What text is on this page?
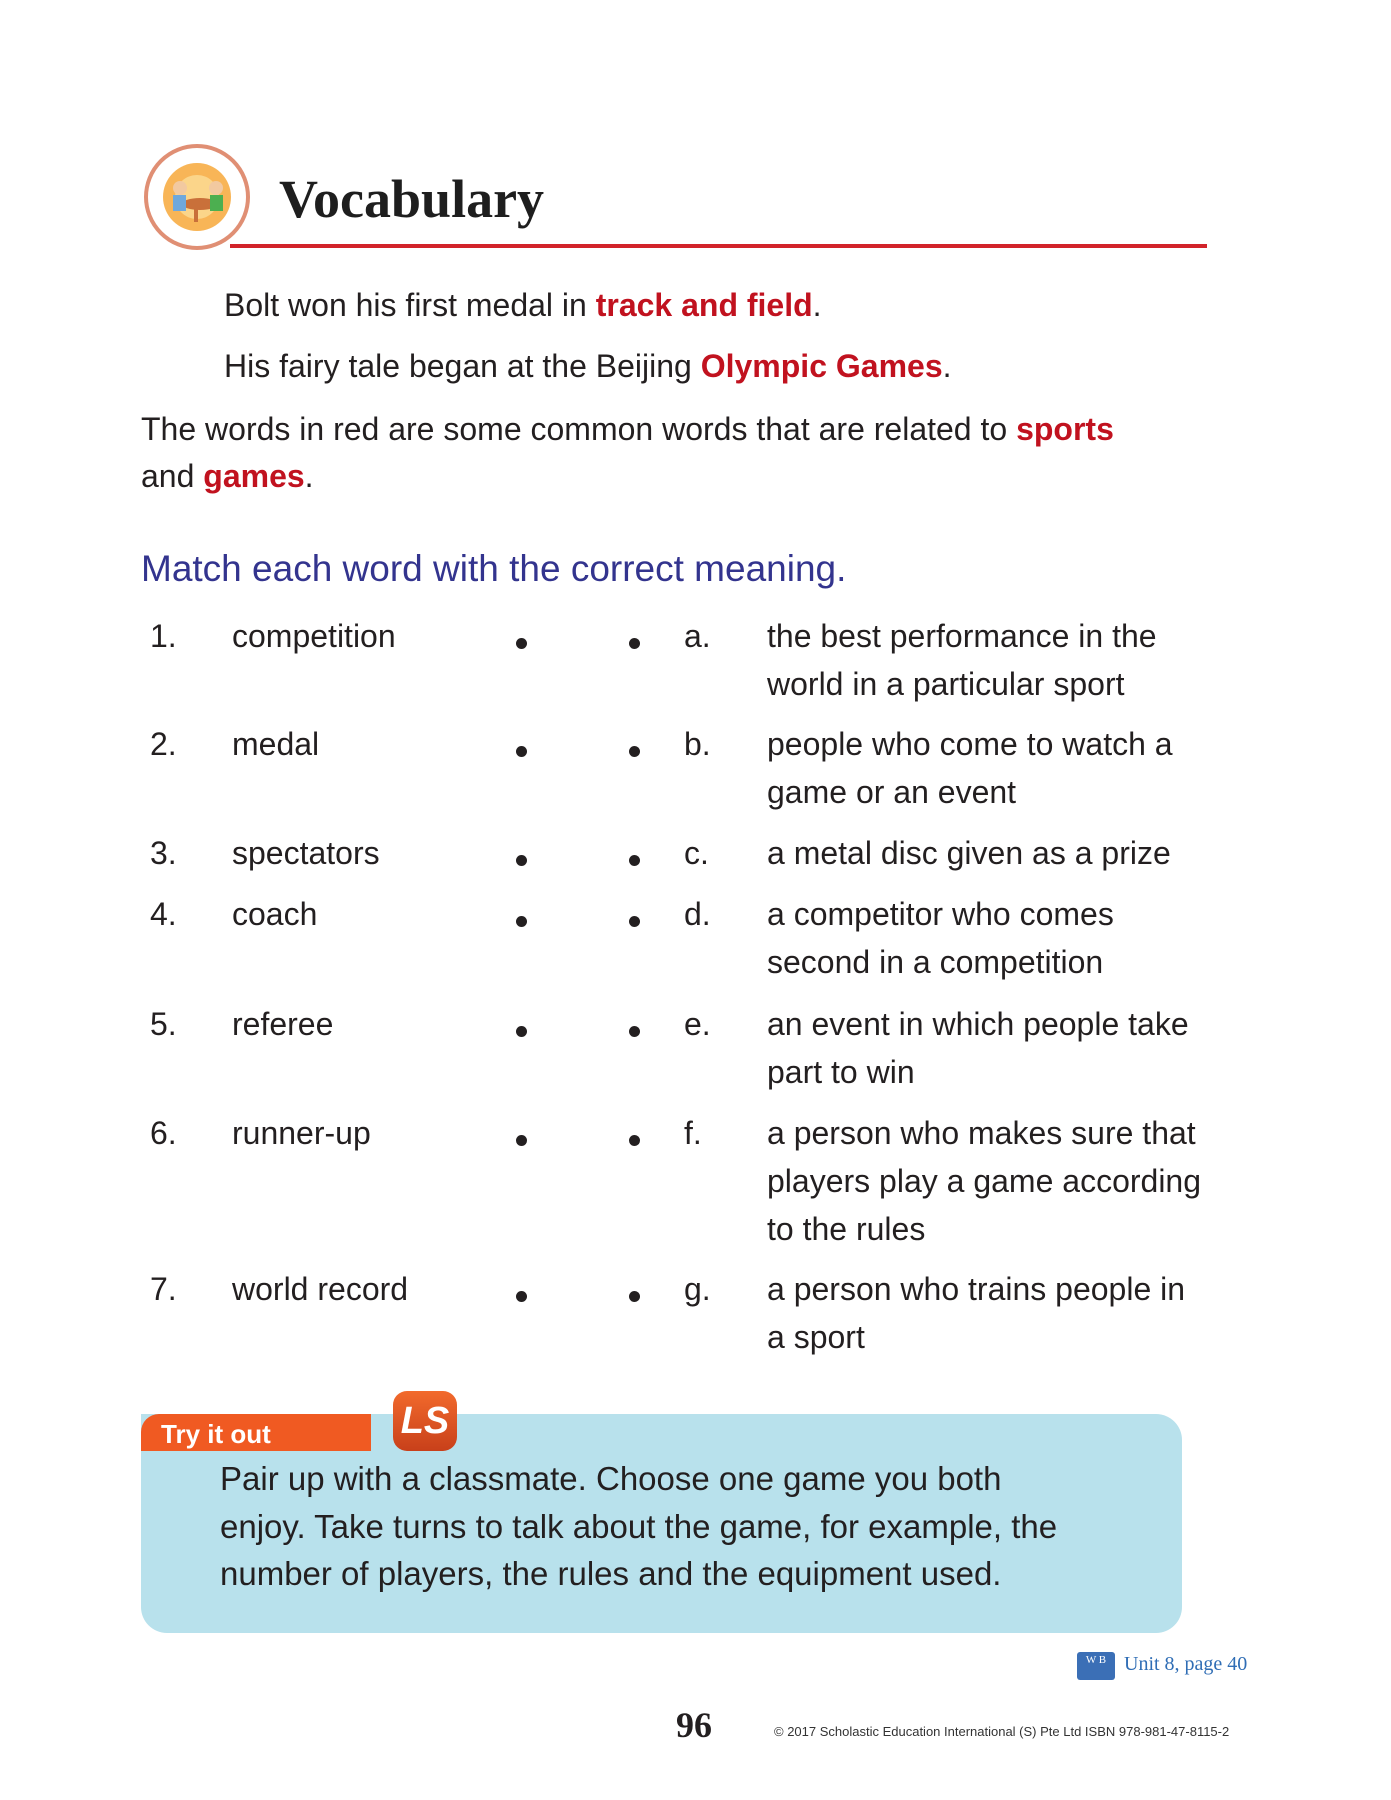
Vocabulary
Bolt won his first medal in track and field.
His fairy tale began at the Beijing Olympic Games.
The words in red are some common words that are related to sports
and games.
Match each word with the correct meaning.
1. competition	a. the best performance in the
world in a particular sport
2. medal	b. people who come to watch a
game or an event
3. spectators	c. a metal disc given as a prize
4. coach	d. a competitor who comes
second in a competition
5. referee	e. an event in which people take
part to win
6. runner-up	f. a person who makes sure that
players play a game according
to the rules
7. world record	g. a person who trains people in
a sport
Try it out	LS
Pair up with a classmate. Choose one game you both
enjoy. Take turns to talk about the game, for example, the
number of players, the rules and the equipment used.
W B Unit 8, page 40
96	© 2017 Scholastic Education International (S) Pte Ltd ISBN 978-981-47-8115-2
